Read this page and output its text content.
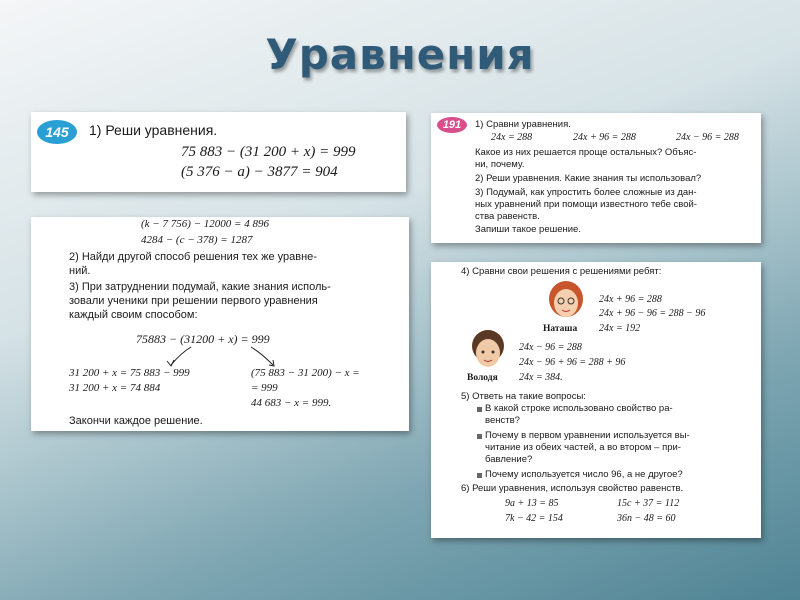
Уравнения
145	1) Реши уравнения.
75 883 − (31 200 + x) = 999
(5 376 − a) − 3877 = 904
(k − 7 756) − 12000 = 4 896
4284 − (c − 378) = 1287
2) Найди другой способ решения тех же уравне-
ний.
3) При затруднении подумай, какие знания исполь-
зовали ученики при решении первого уравнения
каждый своим способом:
75883 − (31200 + x) = 999
31 200 + x = 75 883 − 999
31 200 + x = 74 884
(75 883 − 31 200) − x =
= 999
44 683 − x = 999.
Закончи каждое решение.
191	1) Сравни уравнения.
24x = 288	24x + 96 = 288	24x − 96 = 288
Какое из них решается проще остальных? Объяс-
ни, почему.
2) Реши уравнения. Какие знания ты использовал?
3) Подумай, как упростить более сложные из дан-
ных уравнений при помощи известного тебе свой-
ства равенств.
Запиши такое решение.
4) Сравни свои решения с решениями ребят:
Наташа
24x + 96 = 288
24x + 96 − 96 = 288 − 96
24x = 192
Володя
24x − 96 = 288
24x − 96 + 96 = 288 + 96
24x = 384.
5) Ответь на такие вопросы:
В какой строке использовано свойство ра-
венств?
Почему в первом уравнении используется вы-
читание из обеих частей, а во втором – при-
бавление?
Почему используется число 96, а не другое?
6) Реши уравнения, используя свойство равенств.
9a + 13 = 85	15c + 37 = 112
7k − 42 = 154	36n − 48 = 60
